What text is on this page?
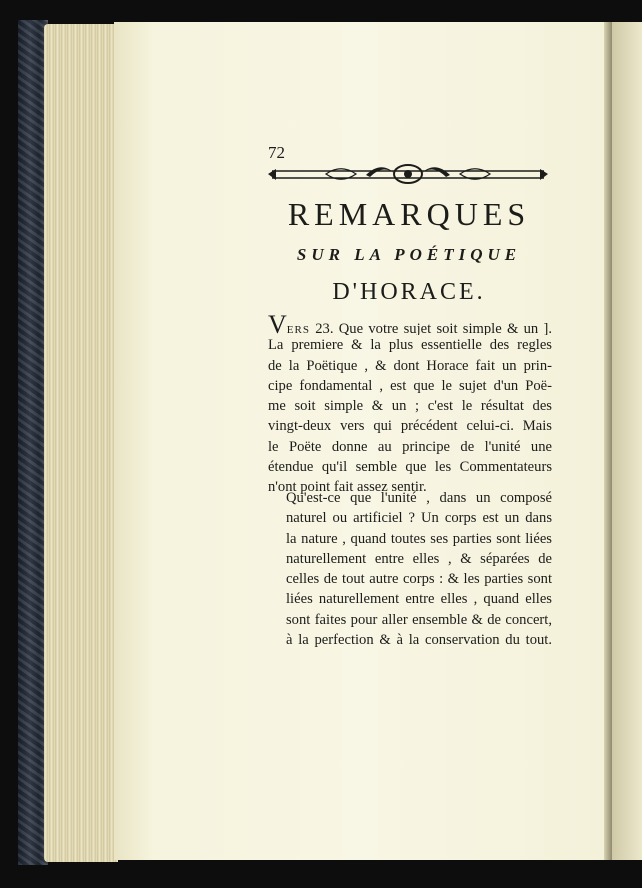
72
REMARQUES
SUR LA POÉTIQUE
D'HORACE.
VERS 23. Que votre sujet soit simple & un ].
La premiere & la plus essentielle des regles
de la Poëtique , & dont Horace fait un prin-
cipe fondamental , est que le sujet d'un Poë-
me soit simple & un ; c'est le résultat des
vingt-deux vers qui précédent celui-ci. Mais
le Poëte donne au principe de l'unité une
étendue qu'il semble que les Commentateurs
n'ont point fait assez sentir.
Qu'est-ce que l'unité , dans un composé
naturel ou artificiel ? Un corps est un dans
la nature , quand toutes ses parties sont liées
naturellement entre elles , & séparées de
celles de tout autre corps : & les parties sont
liées naturellement entre elles , quand elles
sont faites pour aller ensemble & de concert,
à la perfection & à la conservation du tout.
